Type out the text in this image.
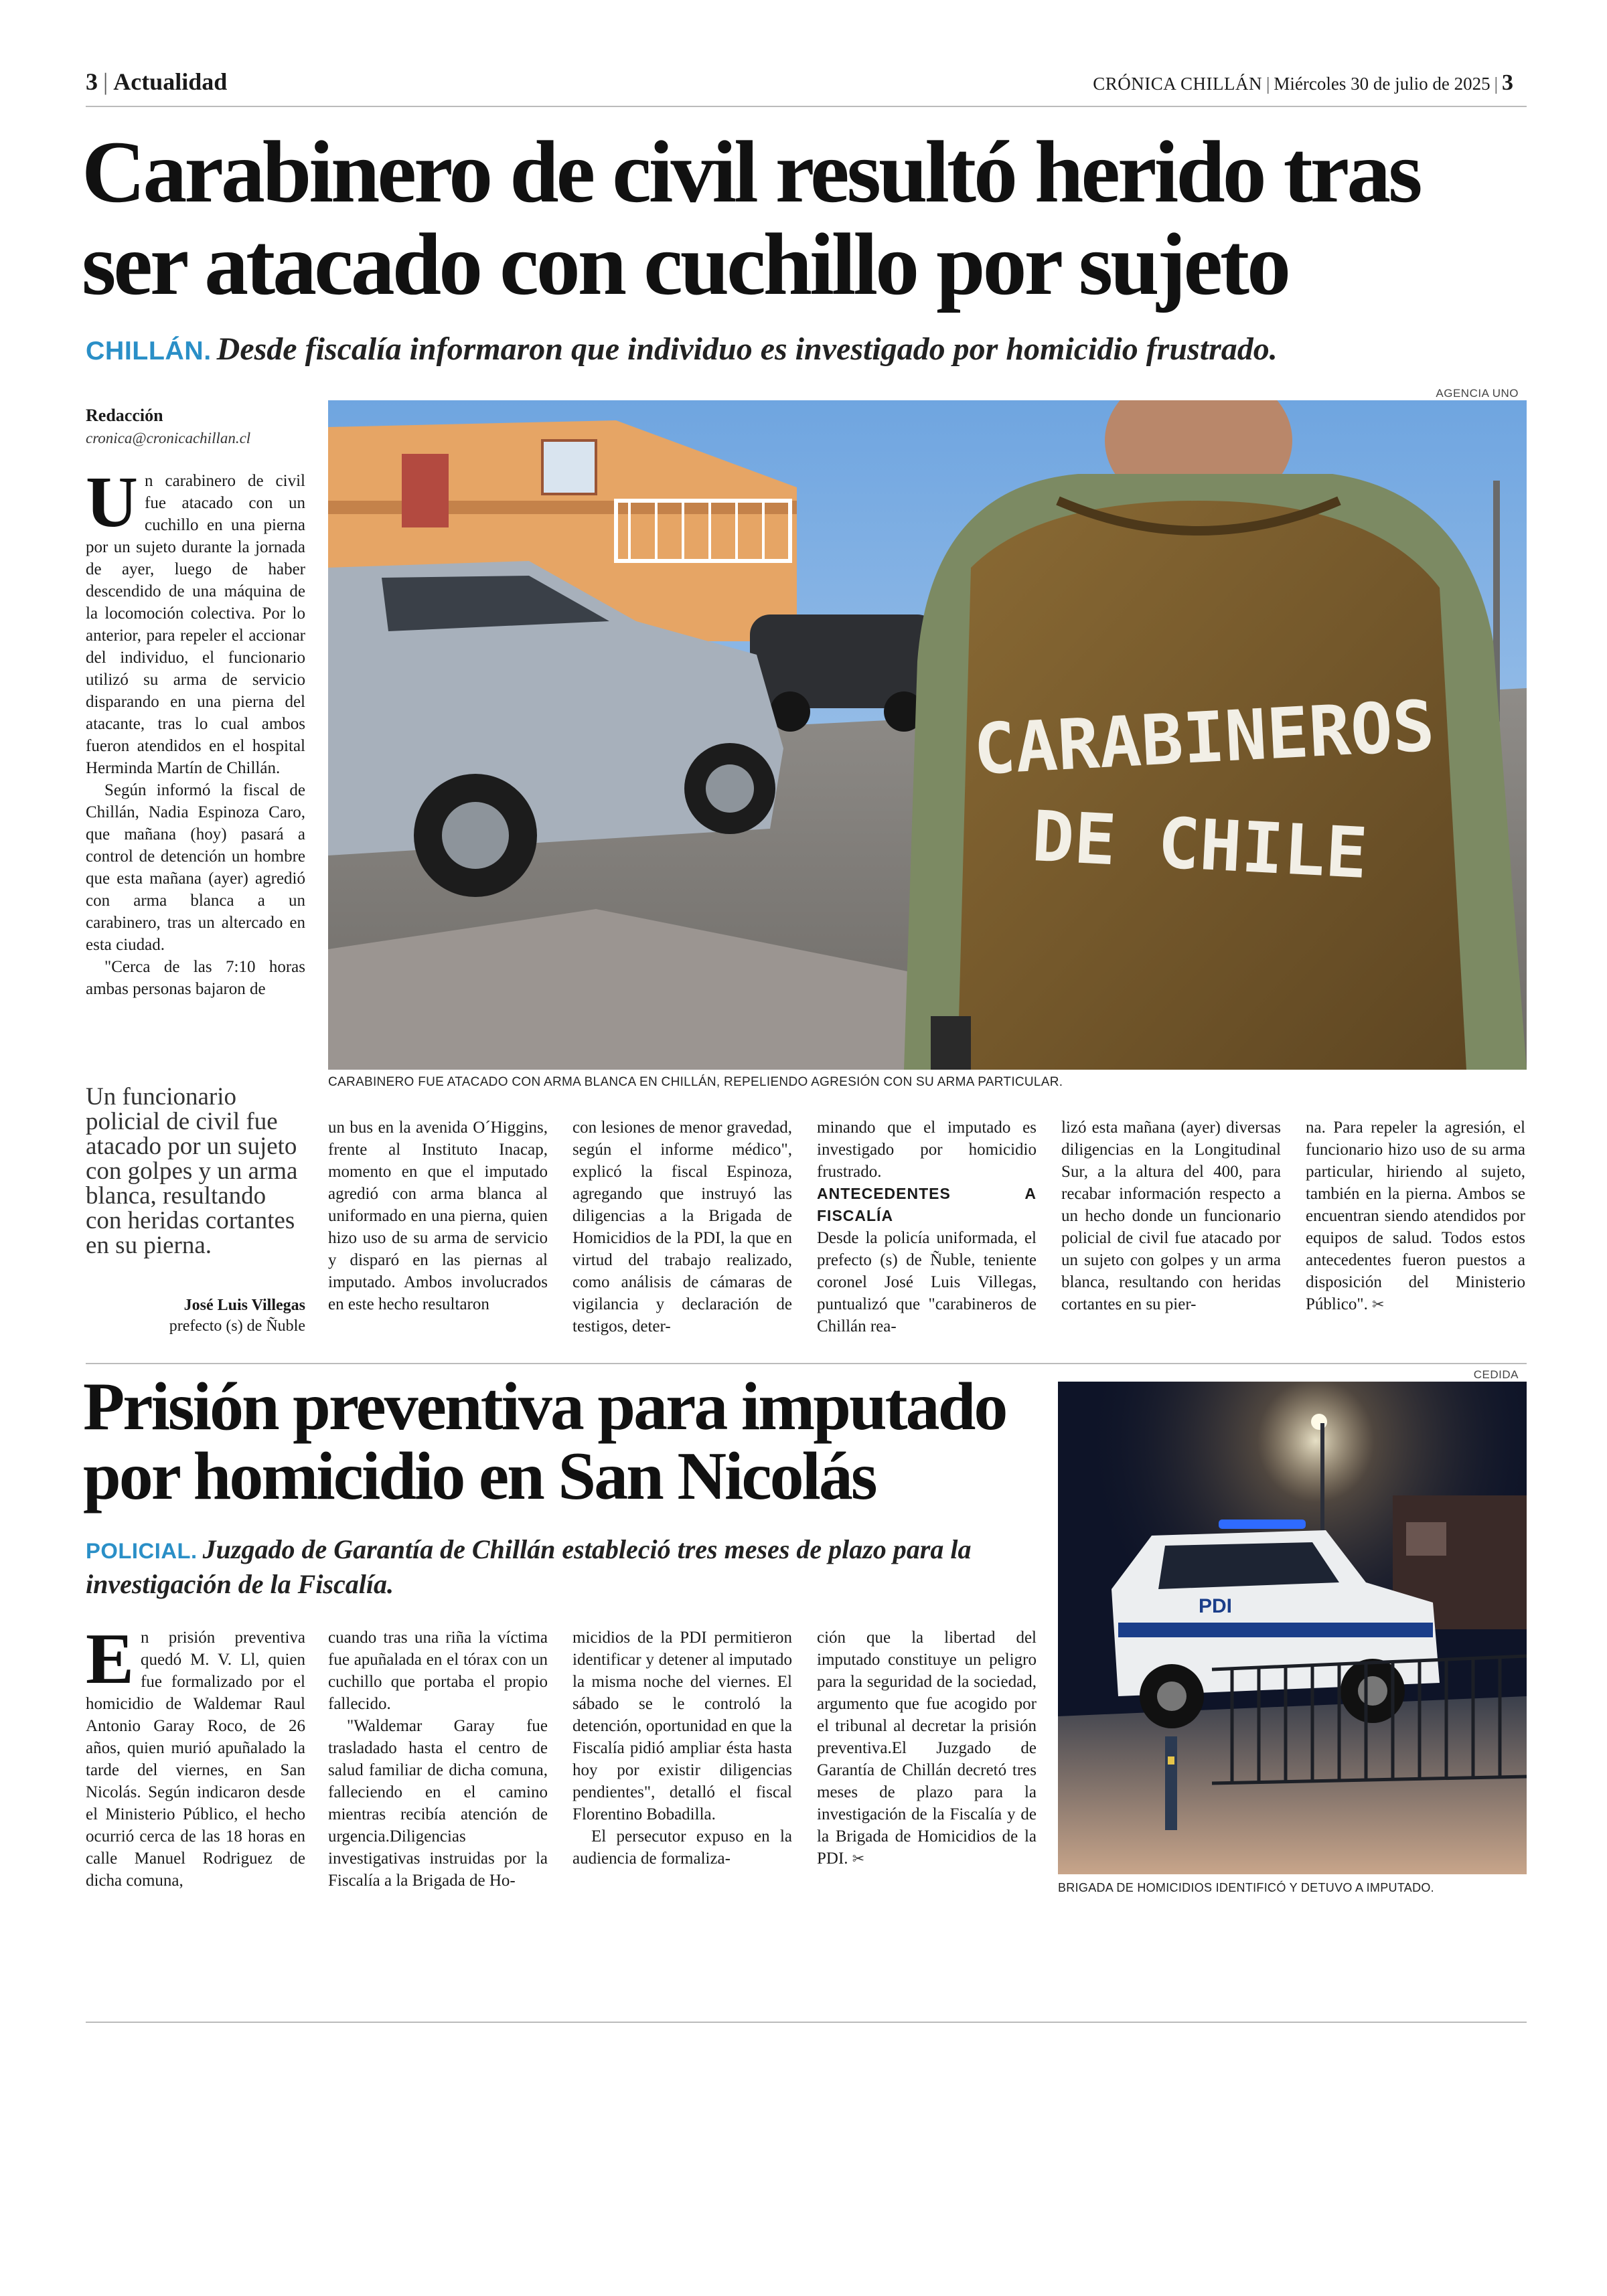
3 | Actualidad	CRÓNICA CHILLÁN | Miércoles 30 de julio de 2025 | 3
Carabinero de civil resultó herido tras ser atacado con cuchillo por sujeto
CHILLÁN. Desde fiscalía informaron que individuo es investigado por homicidio frustrado.
Redacción
cronica@cronicachillan.cl
AGENCIA UNO
CARABINEROS
DE CHILE
CARABINERO FUE ATACADO CON ARMA BLANCA EN CHILLÁN, REPELIENDO AGRESIÓN CON SU ARMA PARTICULAR.

Un carabinero de civil fue atacado con un cuchillo en una pierna por un sujeto durante la jornada de ayer, luego de haber descendido de una máquina de la locomoción colectiva. Por lo anterior, para repeler el accionar del individuo, el funcionario utilizó su arma de servicio disparando en una pierna del atacante, tras lo cual ambos fueron atendidos en el hospital Herminda Martín de Chillán.

Según informó la fiscal de Chillán, Nadia Espinoza Caro, que mañana (hoy) pasará a control de detención un hombre que esta mañana (ayer) agredió con arma blanca a un carabinero, tras un altercado en esta ciudad.

"Cerca de las 7:10 horas ambas personas bajaron de

Un funcionario policial de civil fue atacado por un sujeto con golpes y un arma blanca, resultando con heridas cortantes en su pierna.
José Luis Villegas
prefecto (s) de Ñuble

un bus en la avenida O´Higgins, frente al Instituto Inacap, momento en que el imputado agredió con arma blanca al uniformado en una pierna, quien hizo uso de su arma de servicio y disparó en las piernas al imputado. Ambos involucrados en este hecho resultaron

con lesiones de menor gravedad, según el informe médico", explicó la fiscal Espinoza, agregando que instruyó las diligencias a la Brigada de Homicidios de la PDI, la que en virtud del trabajo realizado, como análisis de cámaras de vigilancia y declaración de testigos, deter-

minando que el imputado es investigado por homicidio frustrado.

ANTECEDENTES A FISCALÍA

Desde la policía uniformada, el prefecto (s) de Ñuble, teniente coronel José Luis Villegas, puntualizó que "carabineros de Chillán rea-

lizó esta mañana (ayer) diversas diligencias en la Longitudinal Sur, a la altura del 400, para recabar información respecto a un hecho donde un funcionario policial de civil fue atacado por un sujeto con golpes y un arma blanca, resultando con heridas cortantes en su pier-

na. Para repeler la agresión, el funcionario hizo uso de su arma particular, hiriendo al sujeto, también en la pierna. Ambos se encuentran siendo atendidos por equipos de salud. Todos estos antecedentes fueron puestos a disposición del Ministerio Público". ✂

Prisión preventiva para imputado por homicidio en San Nicolás
POLICIAL. Juzgado de Garantía de Chillán estableció tres meses de plazo para la investigación de la Fiscalía.

En prisión preventiva quedó M. V. Ll, quien fue formalizado por el homicidio de Waldemar Raul Antonio Garay Roco, de 26 años, quien murió apuñalado la tarde del viernes, en San Nicolás. Según indicaron desde el Ministerio Público, el hecho ocurrió cerca de las 18 horas en calle Manuel Rodriguez de dicha comuna,

cuando tras una riña la víctima fue apuñalada en el tórax con un cuchillo que portaba el propio fallecido.

"Waldemar Garay fue trasladado hasta el centro de salud familiar de dicha comuna, falleciendo en el camino mientras recibía atención de urgencia.Diligencias investigativas instruidas por la Fiscalía a la Brigada de Ho-

micidios de la PDI permitieron identificar y detener al imputado la misma noche del viernes. El sábado se le controló la detención, oportunidad en que la Fiscalía pidió ampliar ésta hasta hoy por existir diligencias pendientes", detalló el fiscal Florentino Bobadilla.

El persecutor expuso en la audiencia de formaliza-

ción que la libertad del imputado constituye un peligro para la seguridad de la sociedad, argumento que fue acogido por el tribunal al decretar la prisión preventiva.El Juzgado de Garantía de Chillán decretó tres meses de plazo para la investigación de la Fiscalía y de la Brigada de Homicidios de la PDI. ✂

CEDIDA
PDI
BRIGADA DE HOMICIDIOS IDENTIFICÓ Y DETUVO A IMPUTADO.
